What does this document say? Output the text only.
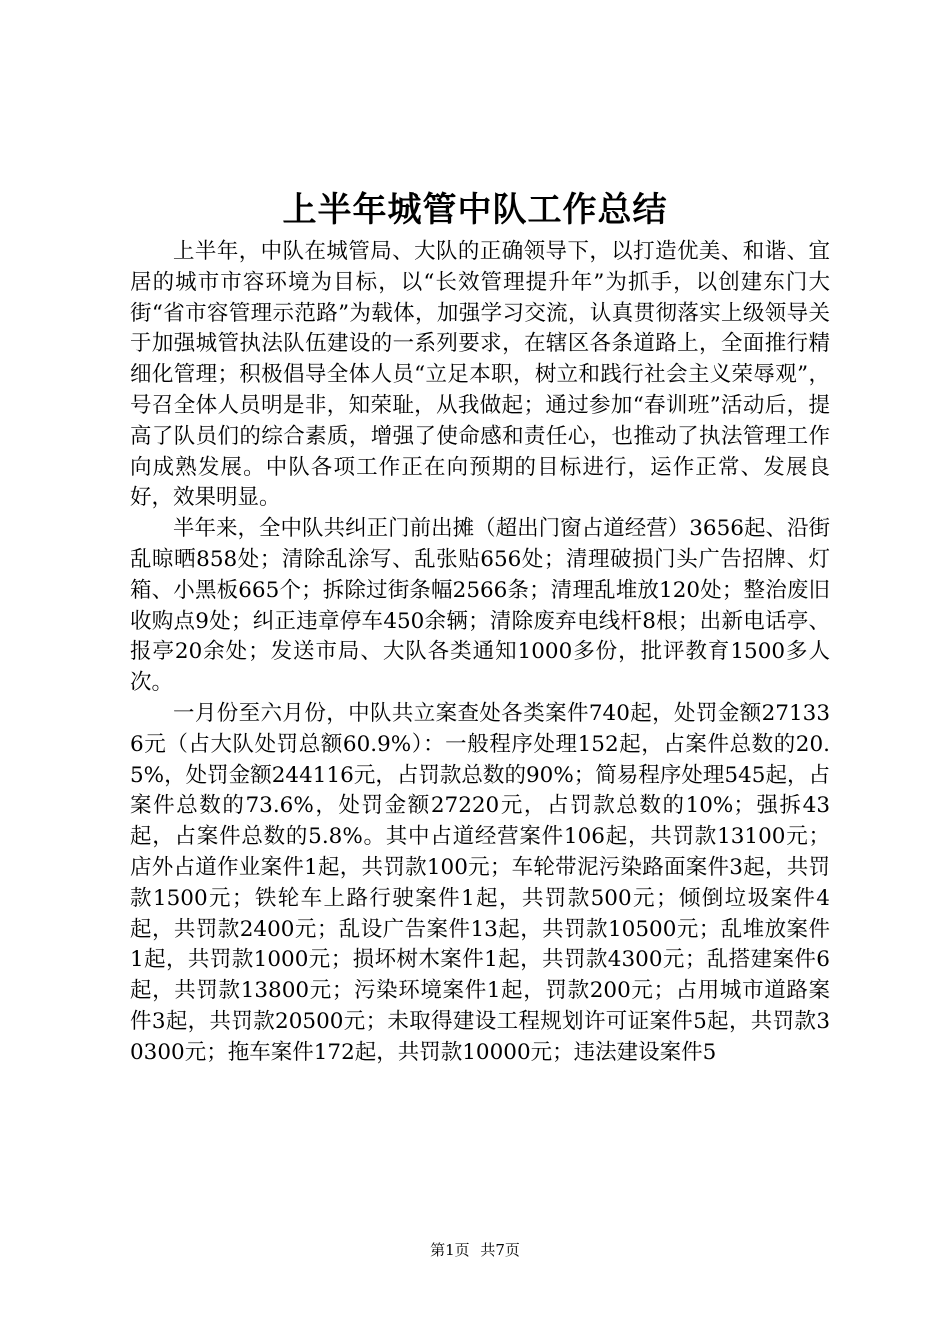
上半年城管中队工作总结

上半年，中队在城管局、大队的正确领导下，以打造优美、和谐、宜居的城市市容环境为目标，以“长效管理提升年”为抓手，以创建东门大街“省市容管理示范路”为载体，加强学习交流，认真贯彻落实上级领导关于加强城管执法队伍建设的一系列要求，在辖区各条道路上，全面推行精细化管理；积极倡导全体人员“立足本职，树立和践行社会主义荣辱观”，号召全体人员明是非，知荣耻，从我做起；通过参加“春训班”活动后，提高了队员们的综合素质，增强了使命感和责任心，也推动了执法管理工作向成熟发展。中队各项工作正在向预期的目标进行，运作正常、发展良好，效果明显。

半年来，全中队共纠正门前出摊（超出门窗占道经营）3656起、沿街乱晾晒858处；清除乱涂写、乱张贴656处；清理破损门头广告招牌、灯箱、小黑板665个；拆除过街条幅2566条；清理乱堆放120处；整治废旧收购点9处；纠正违章停车450余辆；清除废弃电线杆8根；出新电话亭、报亭20余处；发送市局、大队各类通知1000多份，批评教育1500多人次。

一月份至六月份，中队共立案查处各类案件740起，处罚金额271336元（占大队处罚总额60.9%）：一般程序处理152起，占案件总数的20.5%，处罚金额244116元，占罚款总数的90%；简易程序处理545起，占案件总数的73.6%，处罚金额27220元，占罚款总数的10%；强拆43起，占案件总数的5.8%。其中占道经营案件106起，共罚款13100元；店外占道作业案件1起，共罚款100元；车轮带泥污染路面案件3起，共罚款1500元；铁轮车上路行驶案件1起，共罚款500元；倾倒垃圾案件4起，共罚款2400元；乱设广告案件13起，共罚款10500元；乱堆放案件1起，共罚款1000元；损坏树木案件1起，共罚款4300元；乱搭建案件6起，共罚款13800元；污染环境案件1起，罚款200元；占用城市道路案件3起，共罚款20500元；未取得建设工程规划许可证案件5起，共罚款30300元；拖车案件172起，共罚款10000元；违法建设案件5

第1页 共7页
